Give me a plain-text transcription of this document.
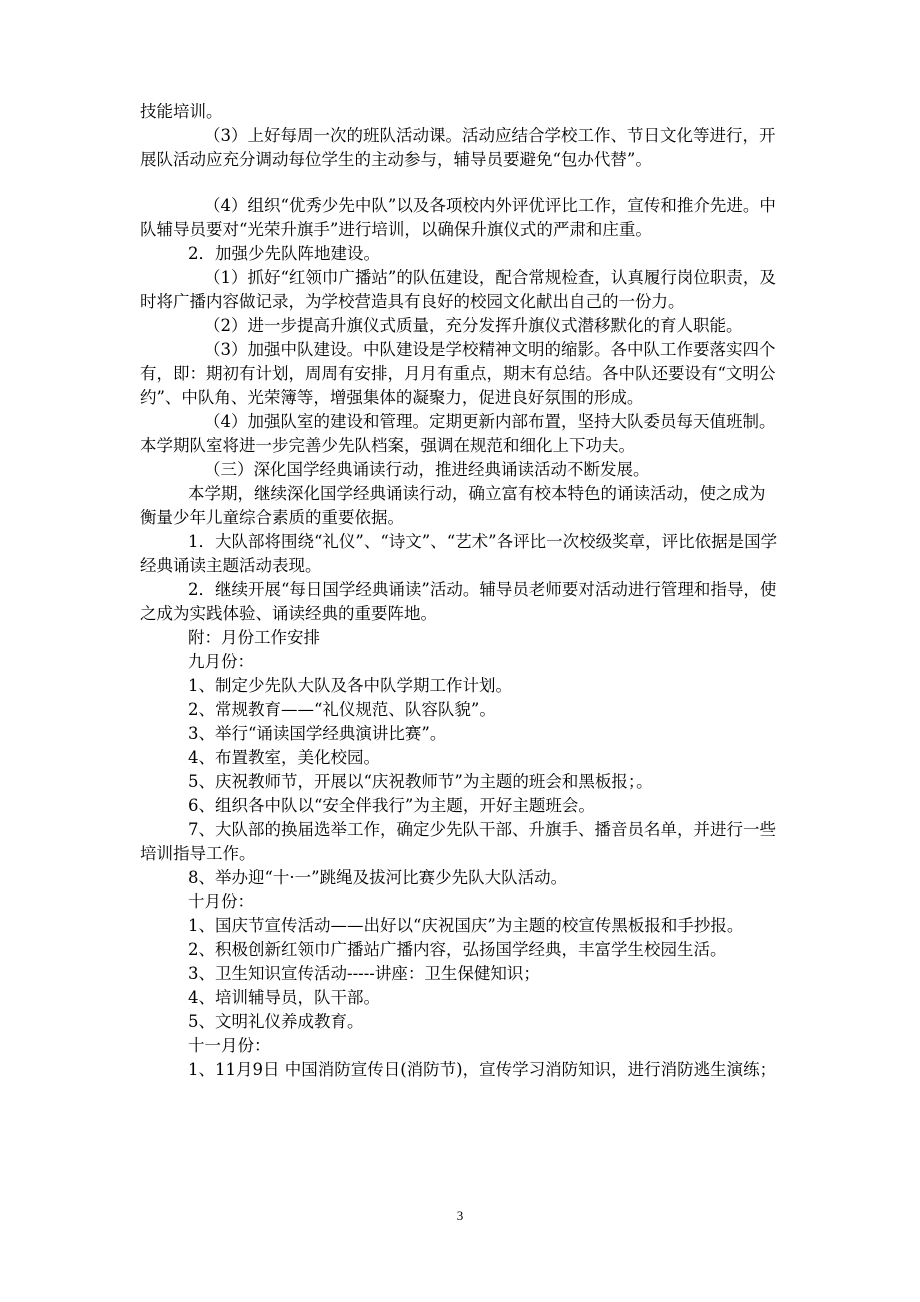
技能培训。

（3）上好每周一次的班队活动课。活动应结合学校工作、节日文化等进行，开展队活动应充分调动每位学生的主动参与，辅导员要避免“包办代替”。

（4）组织“优秀少先中队”以及各项校内外评优评比工作，宣传和推介先进。中队辅导员要对“光荣升旗手”进行培训，以确保升旗仪式的严肃和庄重。

2．加强少先队阵地建设。

（1）抓好“红领巾广播站”的队伍建设，配合常规检查，认真履行岗位职责，及时将广播内容做记录，为学校营造具有良好的校园文化献出自己的一份力。

（2）进一步提高升旗仪式质量，充分发挥升旗仪式潜移默化的育人职能。

（3）加强中队建设。中队建设是学校精神文明的缩影。各中队工作要落实四个有，即：期初有计划，周周有安排，月月有重点，期末有总结。各中队还要设有“文明公约”、中队角、光荣簿等，增强集体的凝聚力，促进良好氛围的形成。

（4）加强队室的建设和管理。定期更新内部布置，坚持大队委员每天值班制。本学期队室将进一步完善少先队档案，强调在规范和细化上下功夫。

（三）深化国学经典诵读行动，推进经典诵读活动不断发展。

本学期，继续深化国学经典诵读行动，确立富有校本特色的诵读活动，使之成为衡量少年儿童综合素质的重要依据。

1．大队部将围绕“礼仪”、“诗文”、“艺术”各评比一次校级奖章，评比依据是国学经典诵读主题活动表现。

2．继续开展“每日国学经典诵读”活动。辅导员老师要对活动进行管理和指导，使之成为实践体验、诵读经典的重要阵地。

附：月份工作安排

九月份：

1、制定少先队大队及各中队学期工作计划。

2、常规教育——“礼仪规范、队容队貌”。

3、举行“诵读国学经典演讲比赛”。

4、布置教室，美化校园。

5、庆祝教师节，开展以“庆祝教师节”为主题的班会和黑板报；。

6、组织各中队以“安全伴我行”为主题，开好主题班会。

7、大队部的换届选举工作，确定少先队干部、升旗手、播音员名单，并进行一些培训指导工作。

8、举办迎“十·一”跳绳及拔河比赛少先队大队活动。

十月份：

1、国庆节宣传活动——出好以“庆祝国庆”为主题的校宣传黑板报和手抄报。

2、积极创新红领巾广播站广播内容，弘扬国学经典，丰富学生校园生活。

3、卫生知识宣传活动-----讲座：卫生保健知识；

4、培训辅导员，队干部。

5、文明礼仪养成教育。

十一月份：

1、11月9日 中国消防宣传日(消防节)，宣传学习消防知识，进行消防逃生演练；

3
